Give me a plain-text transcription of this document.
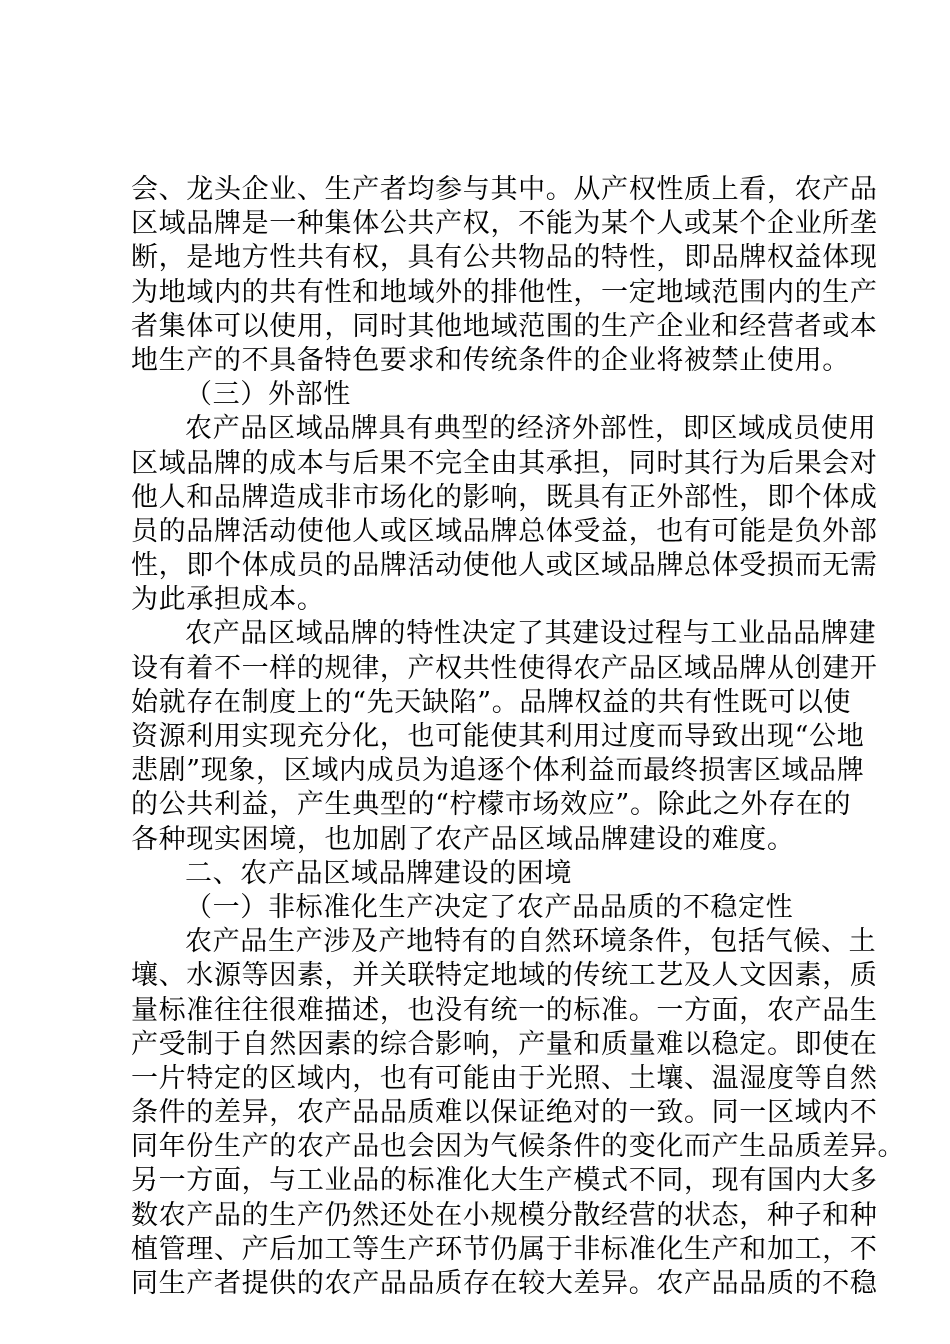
会、龙头企业、生产者均参与其中。从产权性质上看，农产品
区域品牌是一种集体公共产权，不能为某个人或某个企业所垄
断，是地方性共有权，具有公共物品的特性，即品牌权益体现
为地域内的共有性和地域外的排他性，一定地域范围内的生产
者集体可以使用，同时其他地域范围的生产企业和经营者或本
地生产的不具备特色要求和传统条件的企业将被禁止使用。
（三）外部性
农产品区域品牌具有典型的经济外部性，即区域成员使用
区域品牌的成本与后果不完全由其承担，同时其行为后果会对
他人和品牌造成非市场化的影响，既具有正外部性，即个体成
员的品牌活动使他人或区域品牌总体受益，也有可能是负外部
性，即个体成员的品牌活动使他人或区域品牌总体受损而无需
为此承担成本。
农产品区域品牌的特性决定了其建设过程与工业品品牌建
设有着不一样的规律，产权共性使得农产品区域品牌从创建开
始就存在制度上的“先天缺陷”。品牌权益的共有性既可以使
资源利用实现充分化，也可能使其利用过度而导致出现“公地
悲剧”现象，区域内成员为追逐个体利益而最终损害区域品牌
的公共利益，产生典型的“柠檬市场效应”。除此之外存在的
各种现实困境，也加剧了农产品区域品牌建设的难度。
二、农产品区域品牌建设的困境
（一）非标准化生产决定了农产品品质的不稳定性
农产品生产涉及产地特有的自然环境条件，包括气候、土
壤、水源等因素，并关联特定地域的传统工艺及人文因素，质
量标准往往很难描述，也没有统一的标准。一方面，农产品生
产受制于自然因素的综合影响，产量和质量难以稳定。即使在
一片特定的区域内，也有可能由于光照、土壤、温湿度等自然
条件的差异，农产品品质难以保证绝对的一致。同一区域内不
同年份生产的农产品也会因为气候条件的变化而产生品质差异。
另一方面，与工业品的标准化大生产模式不同，现有国内大多
数农产品的生产仍然还处在小规模分散经营的状态，种子和种
植管理、产后加工等生产环节仍属于非标准化生产和加工，不
同生产者提供的农产品品质存在较大差异。农产品品质的不稳
